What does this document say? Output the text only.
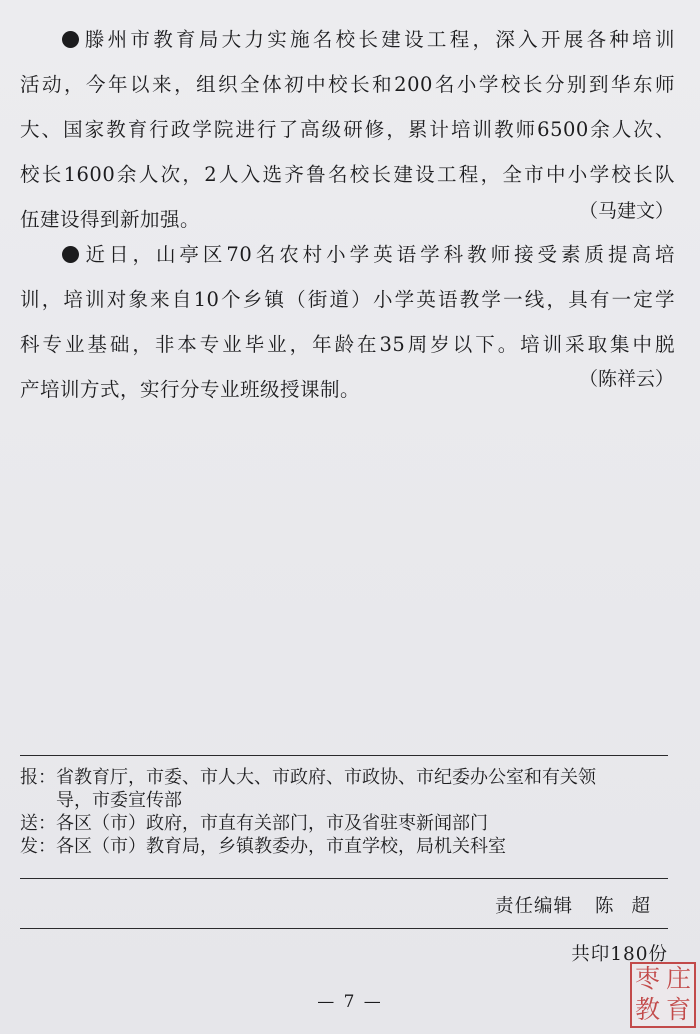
滕州市教育局大力实施名校长建设工程，深入开展各种培训
活动，今年以来，组织全体初中校长和200名小学校长分别到华东师
大、国家教育行政学院进行了高级研修，累计培训教师6500余人次、
校长1600余人次，2人入选齐鲁名校长建设工程，全市中小学校长队
伍建设得到新加强。	（马建文）
近日，山亭区70名农村小学英语学科教师接受素质提高培
训，培训对象来自10个乡镇（街道）小学英语教学一线，具有一定学
科专业基础，非本专业毕业，年龄在35周岁以下。培训采取集中脱
产培训方式，实行分专业班级授课制。	（陈祥云）
报：省教育厅，市委、市人大、市政府、市政协、市纪委办公室和有关领
导，市委宣传部
送：各区（市）政府，市直有关部门，市及省驻枣新闻部门
发：各区（市）教育局，乡镇教委办，市直学校，局机关科室
责任编辑 陈超
共印180份
— 7 —
枣 庄
教 育
